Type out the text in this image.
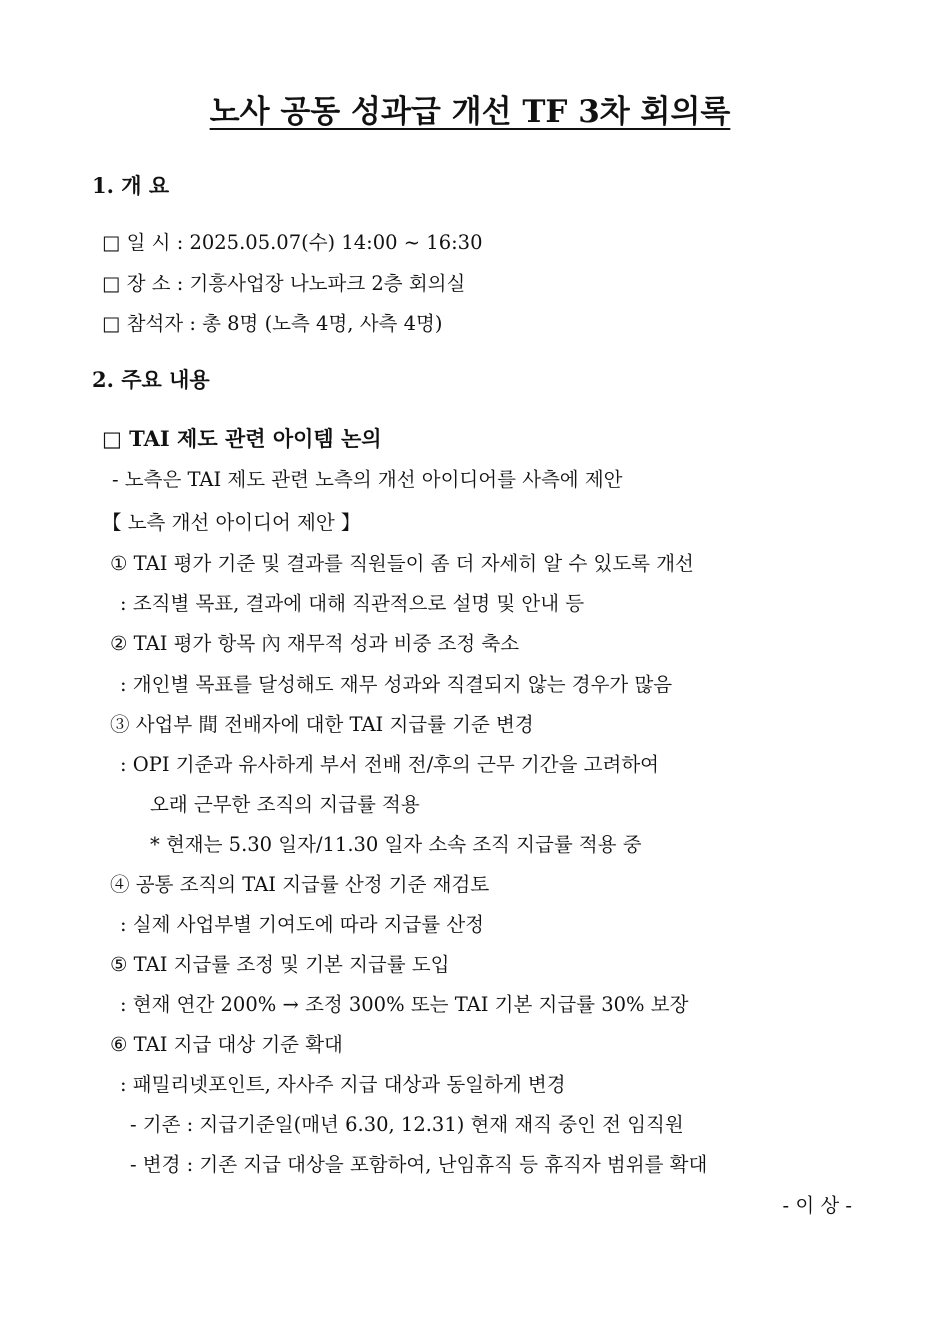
노사 공동 성과급 개선 TF 3차 회의록
1. 개 요
□ 일 시 : 2025.05.07(수) 14:00 ~ 16:30
□ 장 소 : 기흥사업장 나노파크 2층 회의실
□ 참석자 : 총 8명 (노측 4명, 사측 4명)
2. 주요 내용
□ TAI 제도 관련 아이템 논의
- 노측은 TAI 제도 관련 노측의 개선 아이디어를 사측에 제안
【 노측 개선 아이디어 제안 】
① TAI 평가 기준 및 결과를 직원들이 좀 더 자세히 알 수 있도록 개선
: 조직별 목표, 결과에 대해 직관적으로 설명 및 안내 등
② TAI 평가 항목 內 재무적 성과 비중 조정 축소
: 개인별 목표를 달성해도 재무 성과와 직결되지 않는 경우가 많음
③ 사업부 間 전배자에 대한 TAI 지급률 기준 변경
: OPI 기준과 유사하게 부서 전배 전/후의 근무 기간을 고려하여
오래 근무한 조직의 지급률 적용
* 현재는 5.30 일자/11.30 일자 소속 조직 지급률 적용 중
④ 공통 조직의 TAI 지급률 산정 기준 재검토
: 실제 사업부별 기여도에 따라 지급률 산정
⑤ TAI 지급률 조정 및 기본 지급률 도입
: 현재 연간 200% → 조정 300% 또는 TAI 기본 지급률 30% 보장
⑥ TAI 지급 대상 기준 확대
: 패밀리넷포인트, 자사주 지급 대상과 동일하게 변경
- 기존 : 지급기준일(매년 6.30, 12.31) 현재 재직 중인 전 임직원
- 변경 : 기존 지급 대상을 포함하여, 난임휴직 등 휴직자 범위를 확대
- 이 상 -
